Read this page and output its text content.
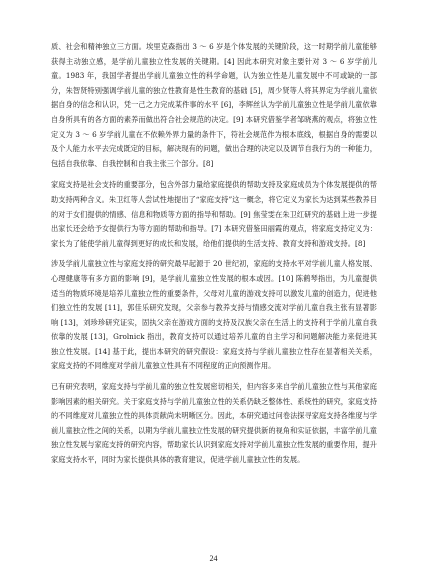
质、社会和精神独立三方面。埃里克森指出 3 ～ 6 岁是个体发展的关键阶段，这一时期学前儿童能够获得主动独立感，是学前儿童独立性发展的关键期。[4] 因此本研究对象主要针对 3 ～ 6 岁学前儿童。1983 年，我国学者提出学前儿童独立性的科学命题，认为独立性是儿童发展中不可或缺的一部分，朱智贤特别强调学前儿童的独立性教育是性生教育的基础 [5]，周少贤等人将其界定为学前儿童依据自身的信念和认识，凭一己之力完成某件事的水平 [6]，李辉丝认为学前儿童独立性是学前儿童依靠自身所具有的各方面的素养而做出符合社会规范的决定。[9] 本研究借鉴学者邹晓燕的观点，将独立性定义为 3 ～ 6 岁学前儿童在不依赖外界力量的条件下，符社会规范作为根本底线，根据自身的需要以及个人能力水平去完成既定的目标，解决现有的问题，做出合理的决定以及调节自我行为的一种能力，包括自我依靠、自我控制和自我主张三个部分。[8]

家庭支持是社会支持的重要部分，包含外部力量给家庭提供的帮助支持及家庭成员为个体发展提供的帮助支持两种含义。朱卫红等人尝试性地提出了“家庭支持”这一概念，将它定义为家长为达到某些教养目的对于女们提供的情感、信息和物质等方面的指导和帮助。[9] 焦莹雯在朱卫红研究的基础上进一步提出家长还会给予女提供行为等方面的帮助和指导。[7] 本研究借鉴田丽霞的观点，将家庭支持定义为：家长为了能使学前儿童得到更好的成长和发展，给他们提供的生活支持、教育支持和游戏支持。[8]

涉及学前儿童独立性与家庭支持的研究最早起源于 20 世纪初，家庭的支持水平对学前儿童人格发展、心理健康等有多方面的影响 [9]，是学前儿童独立性发展的根本或因。[10] 陈鹤琴指出，为儿童提供适当的物质环境是培养儿童独立性的重要条件，父母对儿童的游戏支持可以激发儿童的创造力，促进他们独立性的发展 [11]，郭佳乐研究发现，父亲参与教养支持与情感交流对学前儿童自我主张有显著影响 [13]，刘珍珍研究证实，固执父亲在游戏方面的支持及汉族父亲在生活上的支持利于学前儿童自我依靠的发展 [13]，Grolnick 指出，教育支持可以通过培养儿童的自主学习和问题解决能力来促进其独立性发展。[14] 基于此，提出本研究的研究假设：家庭支持与学前儿童独立性存在显著相关关系，家庭支持的不同维度对学前儿童独立性具有不同程度的正向预测作用。

已有研究表明，家庭支持与学前儿童的独立性发展密切相关，但内容多来自学前儿童独立性与其他家庭影响因素的相关研究。关于家庭支持与学前儿童独立性的关系仍缺乏整体性、系统性的研究，家庭支持的不同维度对儿童独立性的具体贡献尚未明晰区分。因此，本研究通过问卷法探寻家庭支持各维度与学前儿童独立性之间的关系，以期为学前儿童独立性发展的研究提供新的视角和实证依据，丰富学前儿童独立性发展与家庭支持的研究内容，帮助家长认识到家庭支持对学前儿童独立性发展的重要作用，提升家庭支持水平，同时为家长提供具体的教育建议，促进学前儿童独立性的发展。

24
